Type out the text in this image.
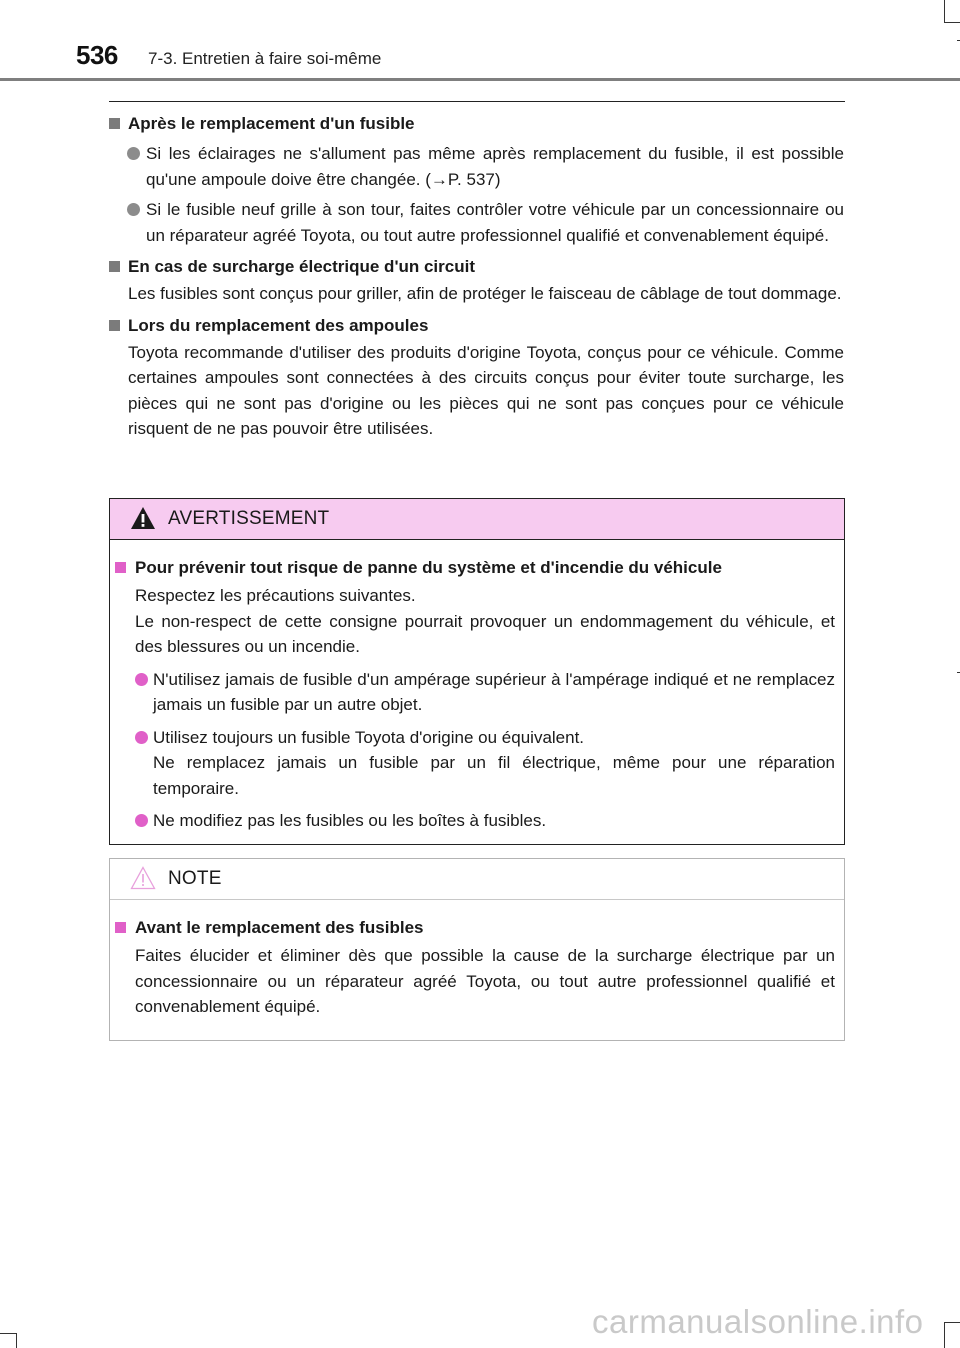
536 7-3. Entretien à faire soi-même
Après le remplacement d'un fusible
Si les éclairages ne s'allument pas même après remplacement du fusible, il est possible qu'une ampoule doive être changée. (→P. 537)
Si le fusible neuf grille à son tour, faites contrôler votre véhicule par un concessionnaire ou un réparateur agréé Toyota, ou tout autre professionnel qualifié et convenablement équipé.
En cas de surcharge électrique d'un circuit
Les fusibles sont conçus pour griller, afin de protéger le faisceau de câblage de tout dommage.
Lors du remplacement des ampoules
Toyota recommande d'utiliser des produits d'origine Toyota, conçus pour ce véhicule. Comme certaines ampoules sont connectées à des circuits conçus pour éviter toute surcharge, les pièces qui ne sont pas d'origine ou les pièces qui ne sont pas conçues pour ce véhicule risquent de ne pas pouvoir être utilisées.
AVERTISSEMENT
Pour prévenir tout risque de panne du système et d'incendie du véhicule
Respectez les précautions suivantes.
Le non-respect de cette consigne pourrait provoquer un endommagement du véhicule, et des blessures ou un incendie.
N'utilisez jamais de fusible d'un ampérage supérieur à l'ampérage indiqué et ne remplacez jamais un fusible par un autre objet.
Utilisez toujours un fusible Toyota d'origine ou équivalent.
Ne remplacez jamais un fusible par un fil électrique, même pour une réparation temporaire.
Ne modifiez pas les fusibles ou les boîtes à fusibles.
NOTE
Avant le remplacement des fusibles
Faites élucider et éliminer dès que possible la cause de la surcharge électrique par un concessionnaire ou un réparateur agréé Toyota, ou tout autre professionnel qualifié et convenablement équipé.
carmanualsonline.info
